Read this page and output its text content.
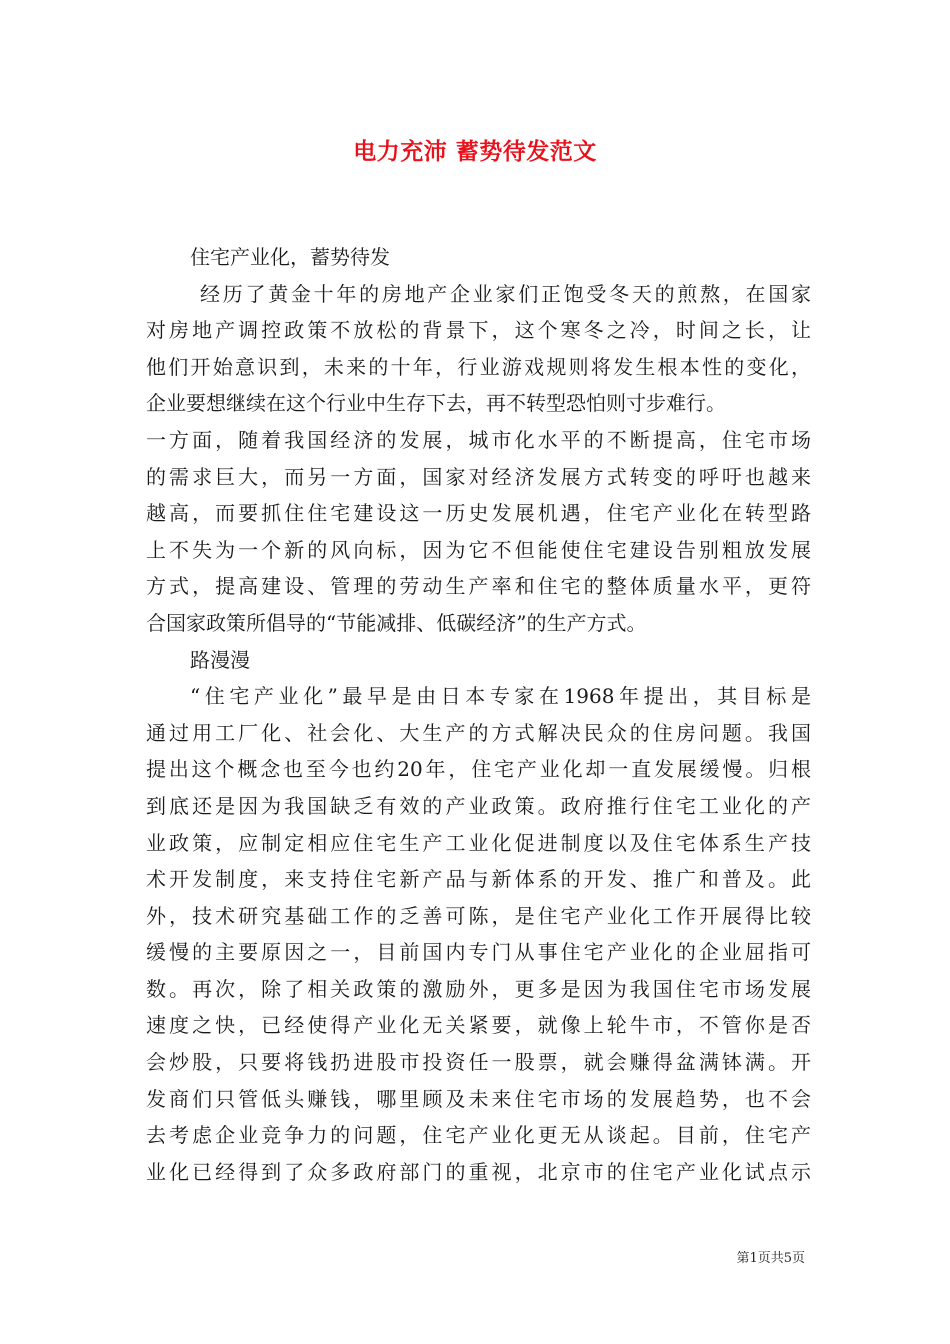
电力充沛 蓄势待发范文
住宅产业化，蓄势待发
经历了黄金十年的房地产企业家们正饱受冬天的煎熬，在国家
对房地产调控政策不放松的背景下，这个寒冬之冷，时间之长，让
他们开始意识到，未来的十年，行业游戏规则将发生根本性的变化，
企业要想继续在这个行业中生存下去，再不转型恐怕则寸步难行。
一方面，随着我国经济的发展，城市化水平的不断提高，住宅市场
的需求巨大，而另一方面，国家对经济发展方式转变的呼吁也越来
越高，而要抓住住宅建设这一历史发展机遇，住宅产业化在转型路
上不失为一个新的风向标，因为它不但能使住宅建设告别粗放发展
方式，提高建设、管理的劳动生产率和住宅的整体质量水平，更符
合国家政策所倡导的“节能减排、低碳经济”的生产方式。
路漫漫
“住宅产业化”最早是由日本专家在1968年提出，其目标是
通过用工厂化、社会化、大生产的方式解决民众的住房问题。我国
提出这个概念也至今也约20年，住宅产业化却一直发展缓慢。归根
到底还是因为我国缺乏有效的产业政策。政府推行住宅工业化的产
业政策，应制定相应住宅生产工业化促进制度以及住宅体系生产技
术开发制度，来支持住宅新产品与新体系的开发、推广和普及。此
外，技术研究基础工作的乏善可陈，是住宅产业化工作开展得比较
缓慢的主要原因之一，目前国内专门从事住宅产业化的企业屈指可
数。再次，除了相关政策的激励外，更多是因为我国住宅市场发展
速度之快，已经使得产业化无关紧要，就像上轮牛市，不管你是否
会炒股，只要将钱扔进股市投资任一股票，就会赚得盆满钵满。开
发商们只管低头赚钱，哪里顾及未来住宅市场的发展趋势，也不会
去考虑企业竞争力的问题，住宅产业化更无从谈起。目前，住宅产
业化已经得到了众多政府部门的重视，北京市的住宅产业化试点示
第1页共5页
